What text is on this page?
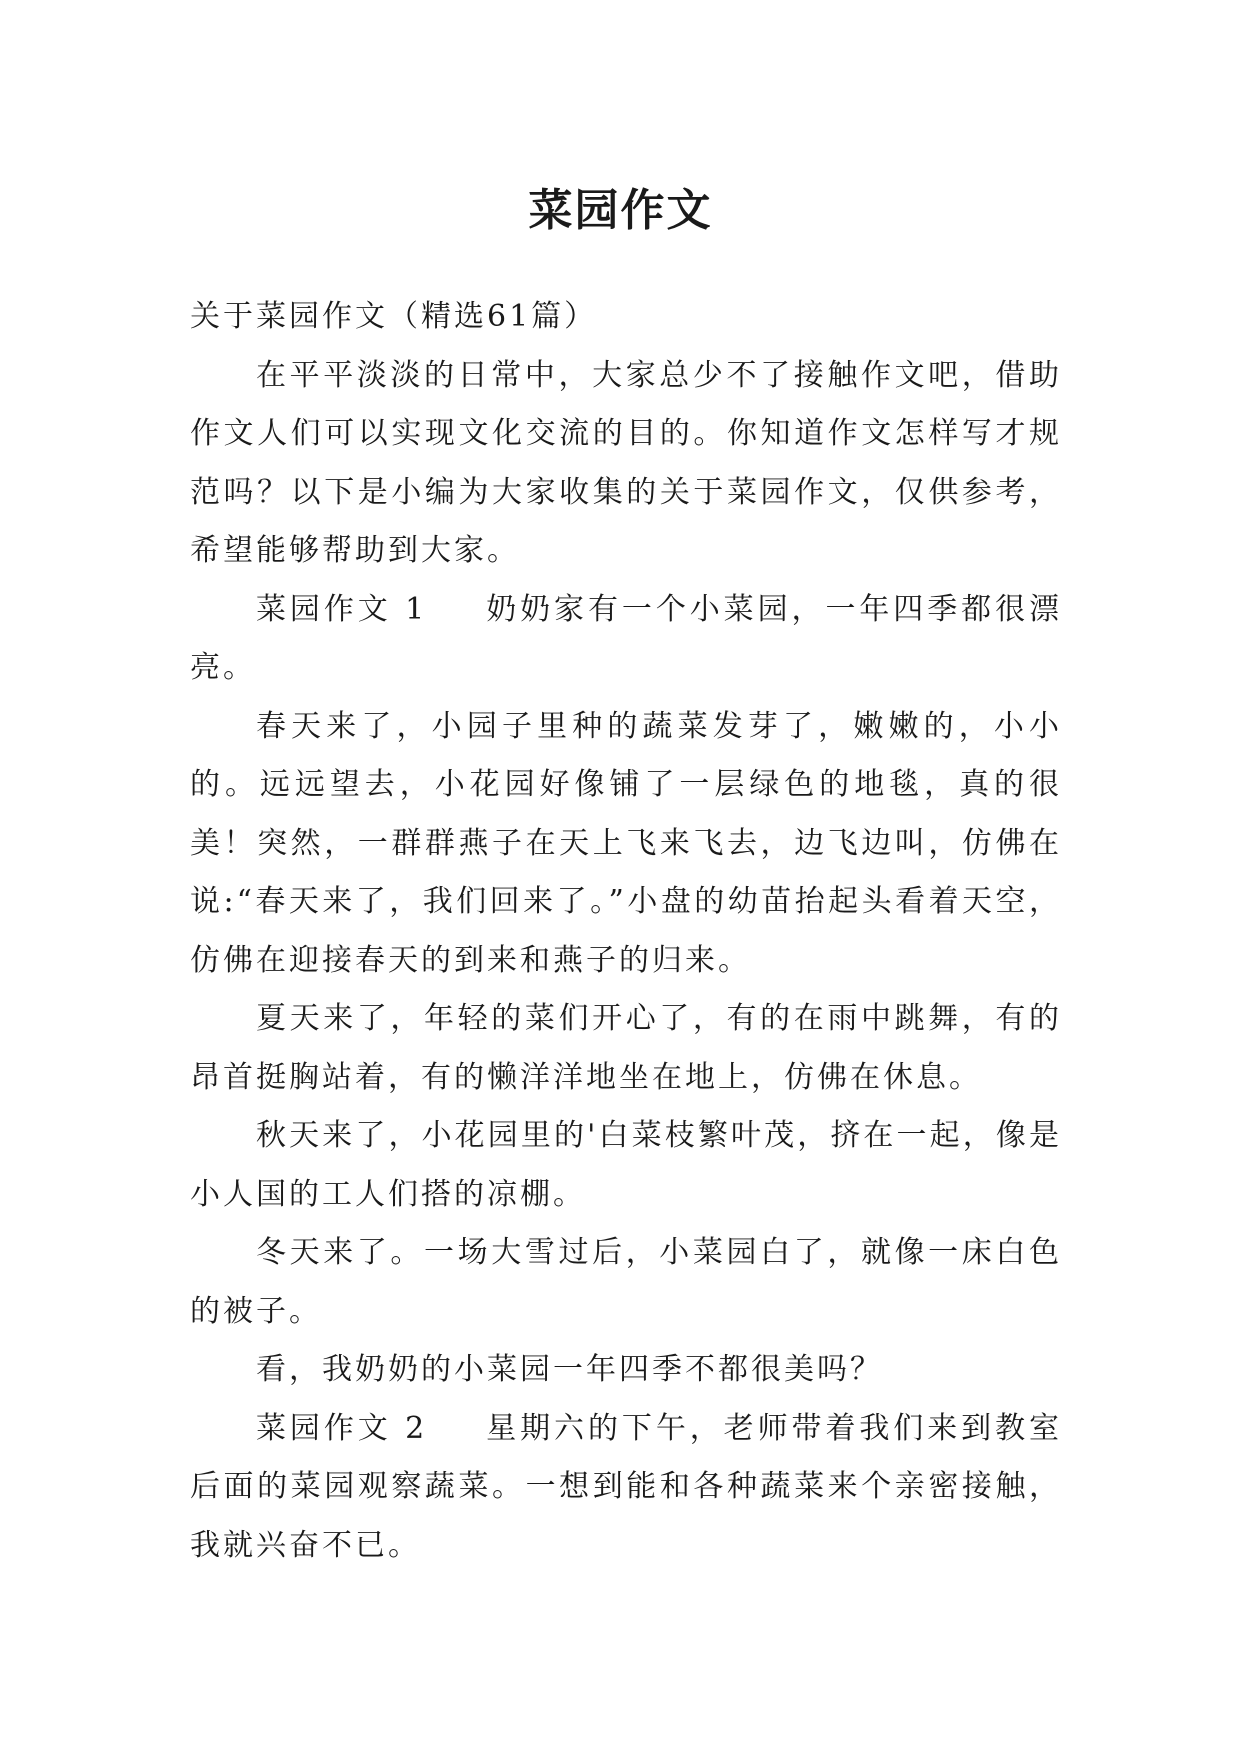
菜园作文

关于菜园作文（精选61篇）

在平平淡淡的日常中，大家总少不了接触作文吧，借助作文人们可以实现文化交流的目的。你知道作文怎样写才规范吗？以下是小编为大家收集的关于菜园作文，仅供参考，希望能够帮助到大家。

菜园作文 1 奶奶家有一个小菜园，一年四季都很漂亮。

春天来了，小园子里种的蔬菜发芽了，嫩嫩的，小小的。远远望去，小花园好像铺了一层绿色的地毯，真的很美！突然，一群群燕子在天上飞来飞去，边飞边叫，仿佛在说:“春天来了，我们回来了。”小盘的幼苗抬起头看着天空，仿佛在迎接春天的到来和燕子的归来。

夏天来了，年轻的菜们开心了，有的在雨中跳舞，有的昂首挺胸站着，有的懒洋洋地坐在地上，仿佛在休息。

秋天来了，小花园里的'白菜枝繁叶茂，挤在一起，像是小人国的工人们搭的凉棚。

冬天来了。一场大雪过后，小菜园白了，就像一床白色的被子。

看，我奶奶的小菜园一年四季不都很美吗？

菜园作文 2 星期六的下午，老师带着我们来到教室后面的菜园观察蔬菜。一想到能和各种蔬菜来个亲密接触，我就兴奋不已。
